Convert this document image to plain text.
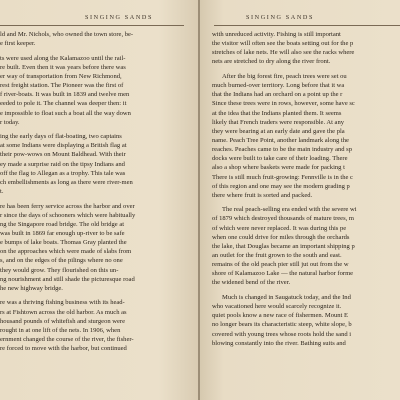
SINGING SANDS
ld and Mr. Nichols, who owned the town store, be-
e first keeper.
ts were used along the Kalamazoo until the rail-
re built. Even then it was years before there was
er way of transportation from New Richmond,
rest freight station. The Pioneer was the first of
f river-boats. It was built in 1839 and twelve men
eeded to pole it. The channel was deeper then: it
e impossible to float such a boat all the way down
r today.
ing the early days of flat-boating, two captains
at some Indians were displaying a British flag at
their pow-wows on Mount Baldhead. With their
ey made a surprise raid on the tipsy Indians and
off the flag to Allegan as a trophy. This tale was
ch embellishments as long as there were river-men
t.
re has been ferry service across the harbor and over
r since the days of schooners which were habitually
ng the Singapore road bridge. The old bridge at
was built in 1869 far enough up-river to be safe
e bumps of lake boats. Thomas Gray planted the
on the approaches which were made of slabs from
s, and on the edges of the pilings where no one
they would grow. They flourished on this un-
ng nourishment and still shade the picturesque road
he new highway bridge.
re was a thriving fishing business with its head-
rs at Fishtown across the old harbor. As much as
housand pounds of whitefish and sturgeon were
rought in at one lift of the nets. In 1906, when
ernment changed the course of the river, the fisher-
re forced to move with the harbor, but continued
SINGING SANDS
with unreduced activity. Fishing is still important
the visitor will often see the boats setting out for the p
stretches of lake nets. He will also see the racks where
nets are stretched to dry along the river front.
After the big forest fire, peach trees were set ou
much burned-over territory. Long before that it wa
that the Indians had an orchard on a point up the r
Since these trees were in rows, however, some have sc
at the idea that the Indians planted them. It seems
likely that French traders were responsible. At any
they were bearing at an early date and gave the pla
name. Peach Tree Point, another landmark along the
reaches. Peaches came to be the main industry and sp
docks were built to take care of their loading. There
also a shop where baskets were made for packing t
There is still much fruit-growing: Fennville is in the c
of this region and one may see the modern grading p
there where fruit is sorted and packed.
The real peach-selling era ended with the severe wi
of 1879 which destroyed thousands of mature trees, m
of which were never replaced. It was during this pe
when one could drive for miles through the orchards
the lake, that Douglas became an important shipping p
an outlet for the fruit grown to the south and east.
remains of the old peach pier still jut out from the w
shore of Kalamazoo Lake — the natural harbor forme
the widened bend of the river.
Much is changed in Saugatuck today, and the Ind
who vacationed here would scarcely recognize it.
quiet pools know a new race of fishermen. Mount E
no longer bears its characteristic steep, white slope, b
covered with young trees whose roots hold the sand i
blowing constantly into the river. Bathing suits and
